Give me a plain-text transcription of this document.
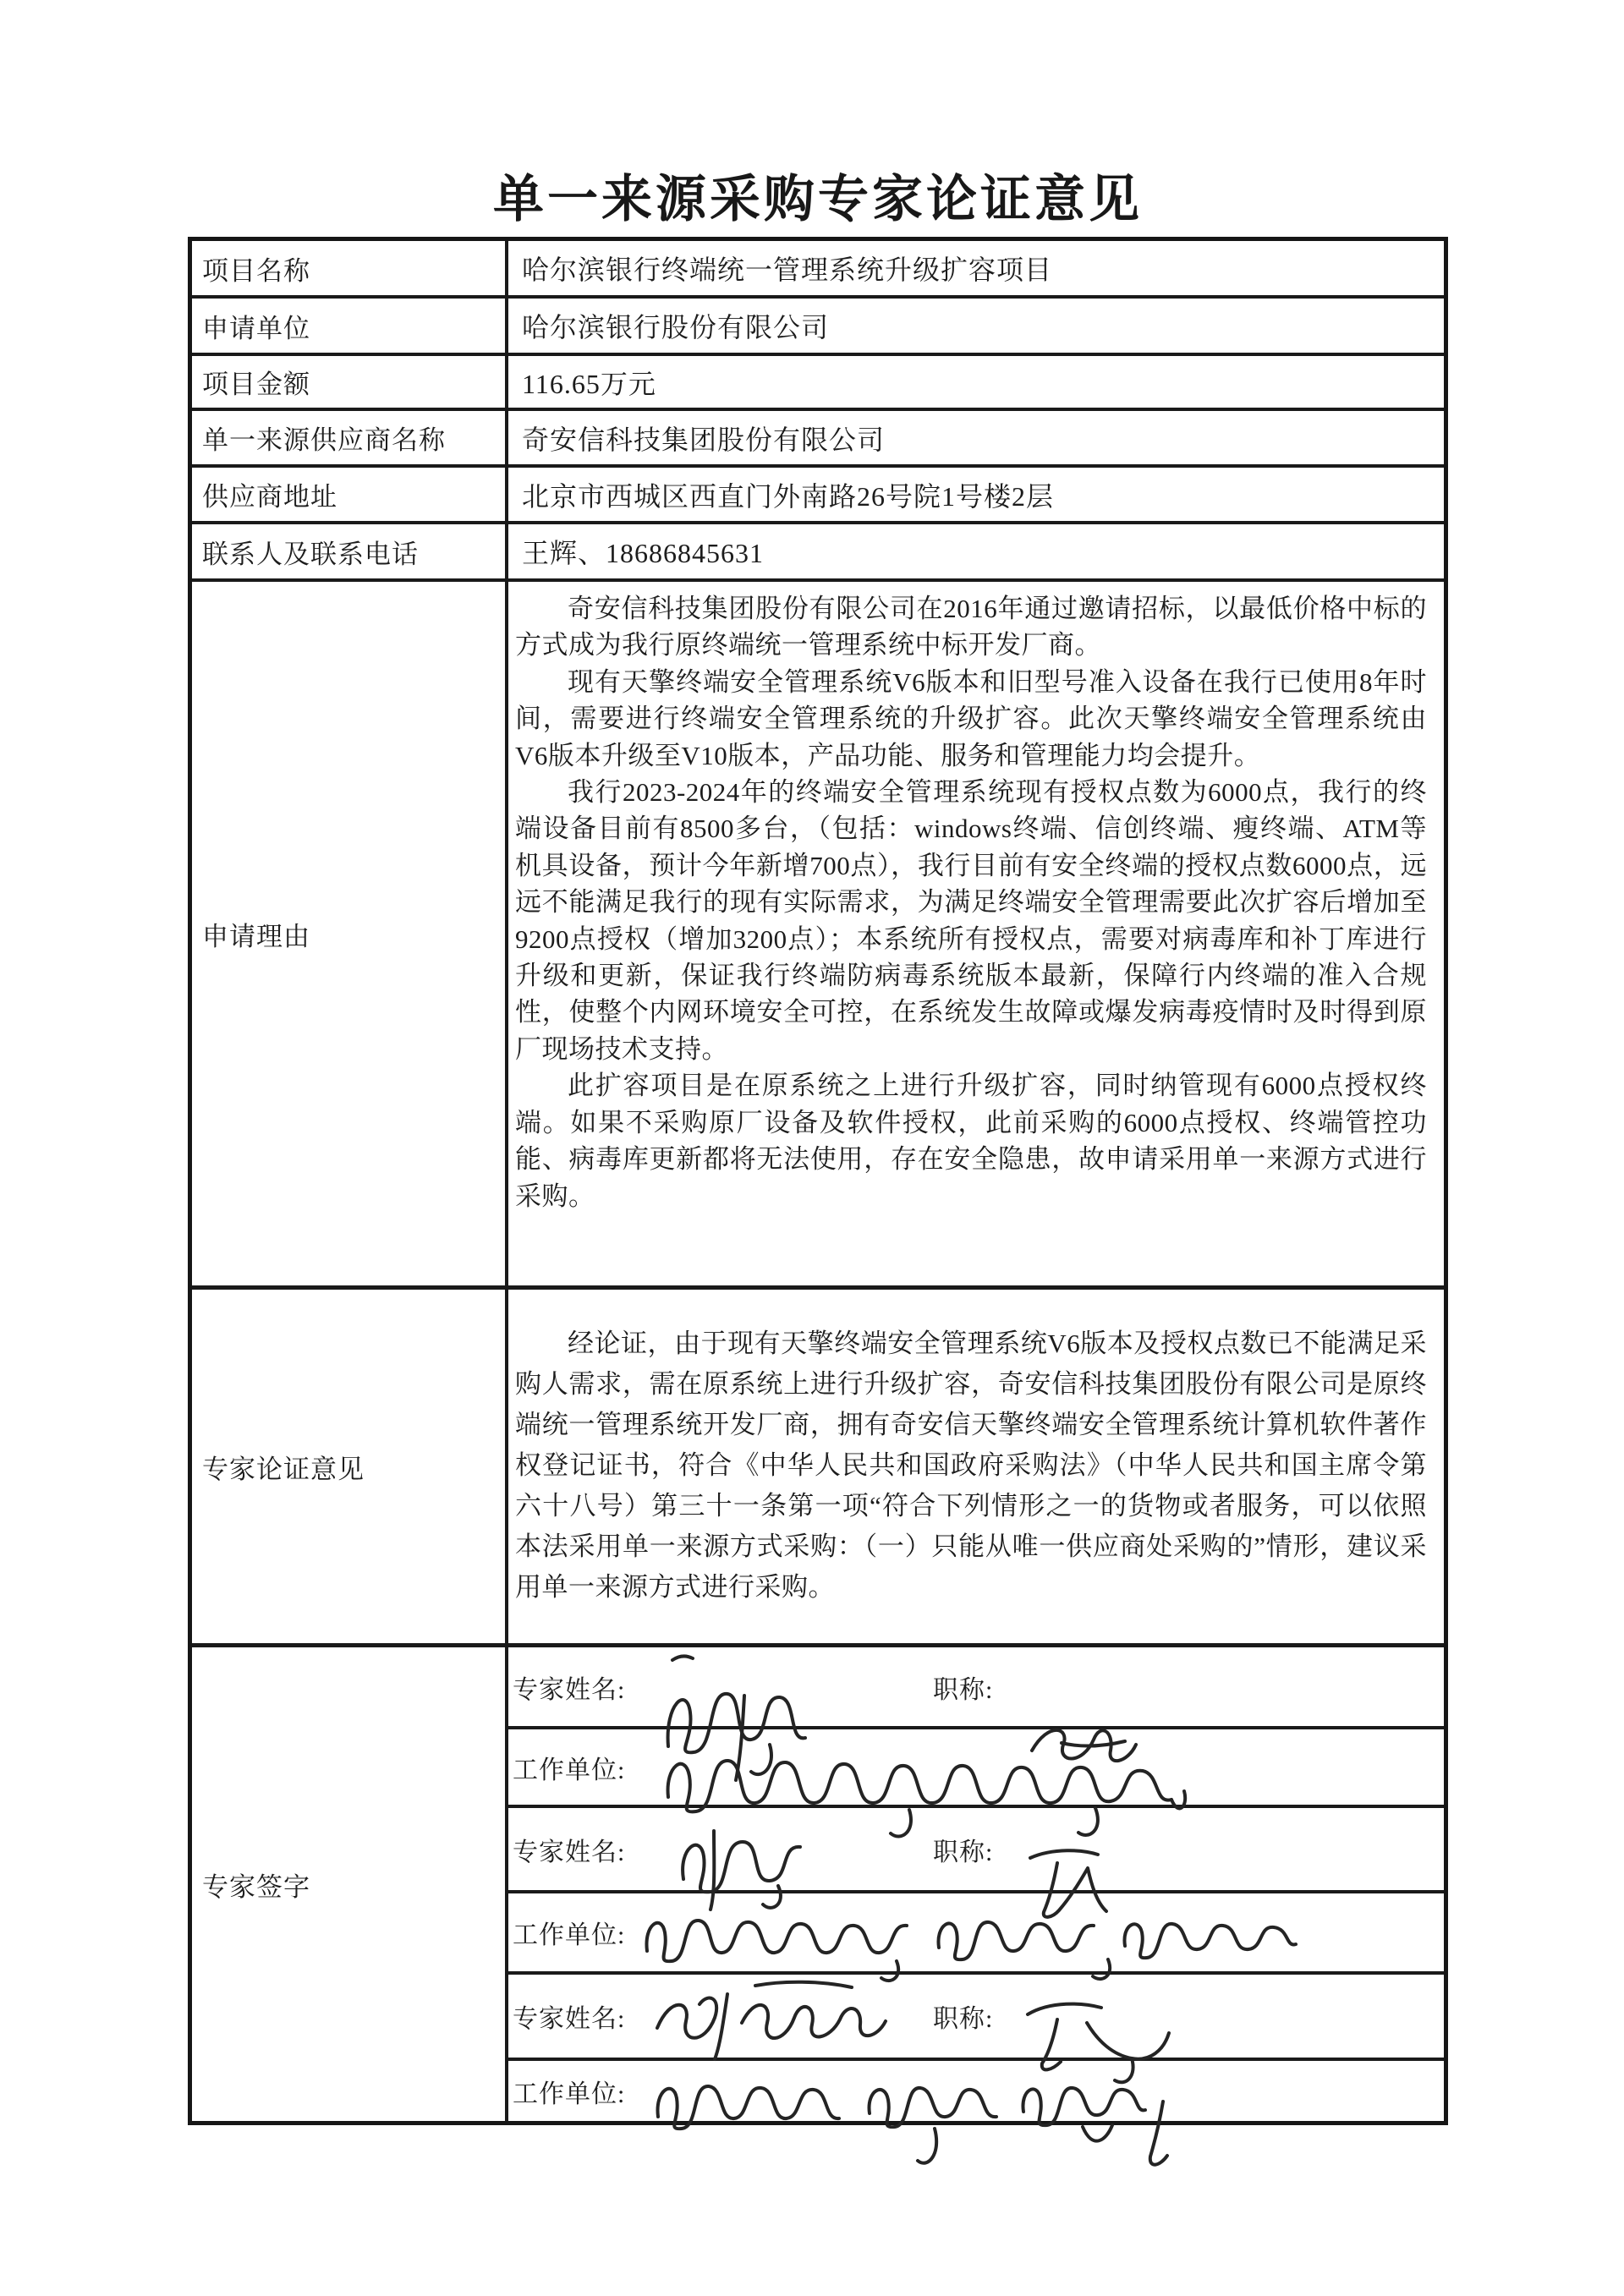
单一来源采购专家论证意见
项目名称	哈尔滨银行终端统一管理系统升级扩容项目
申请单位	哈尔滨银行股份有限公司
项目金额	116.65万元
单一来源供应商名称	奇安信科技集团股份有限公司
供应商地址	北京市西城区西直门外南路26号院1号楼2层
联系人及联系电话	王辉、18686845631
申请理由

奇安信科技集团股份有限公司在2016年通过邀请招标，以最低价格中标的方式成为我行原终端统一管理系统中标开发厂商。

现有天擎终端安全管理系统V6版本和旧型号准入设备在我行已使用8年时间，需要进行终端安全管理系统的升级扩容。此次天擎终端安全管理系统由V6版本升级至V10版本，产品功能、服务和管理能力均会提升。

我行2023-2024年的终端安全管理系统现有授权点数为6000点，我行的终端设备目前有8500多台，（包括：windows终端、信创终端、瘦终端、ATM等机具设备，预计今年新增700点），我行目前有安全终端的授权点数6000点，远远不能满足我行的现有实际需求，为满足终端安全管理需要此次扩容后增加至9200点授权（增加3200点）；本系统所有授权点，需要对病毒库和补丁库进行升级和更新，保证我行终端防病毒系统版本最新，保障行内终端的准入合规性，使整个内网环境安全可控，在系统发生故障或爆发病毒疫情时及时得到原厂现场技术支持。

此扩容项目是在原系统之上进行升级扩容，同时纳管现有6000点授权终端。如果不采购原厂设备及软件授权，此前采购的6000点授权、终端管控功能、病毒库更新都将无法使用，存在安全隐患，故申请采用单一来源方式进行采购。

专家论证意见

经论证，由于现有天擎终端安全管理系统V6版本及授权点数已不能满足采购人需求，需在原系统上进行升级扩容，奇安信科技集团股份有限公司是原终端统一管理系统开发厂商，拥有奇安信天擎终端安全管理系统计算机软件著作权登记证书，符合《中华人民共和国政府采购法》（中华人民共和国主席令第六十八号）第三十一条第一项“符合下列情形之一的货物或者服务，可以依照本法采用单一来源方式采购：（一）只能从唯一供应商处采购的”情形，建议采用单一来源方式进行采购。

专家签字
专家姓名:	职称:
工作单位:
专家姓名:	职称:
工作单位:
专家姓名:	职称:
工作单位:
